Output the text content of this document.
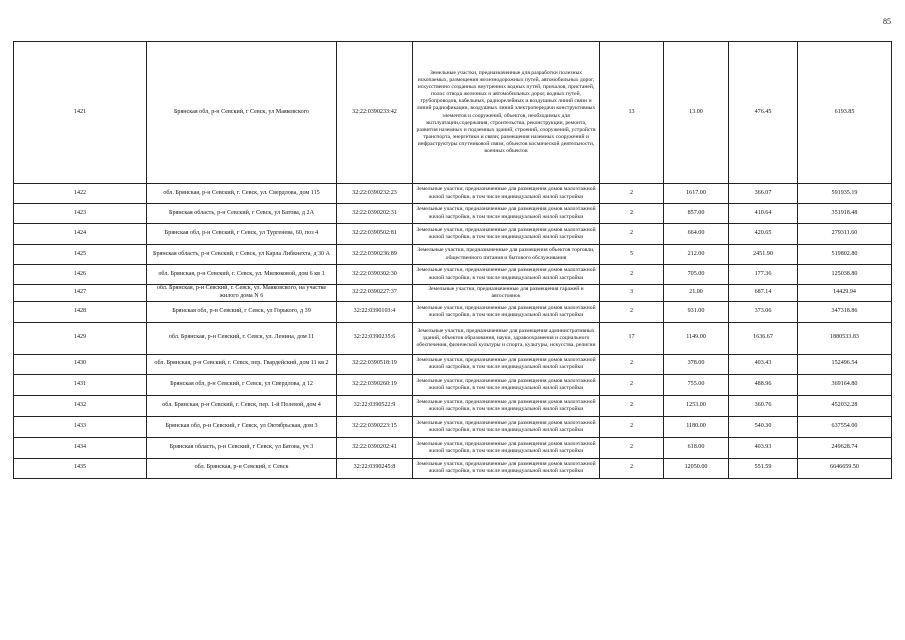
85
1421	Брянская обл, р-н Севский, г Севск, ул Маяковского	32:22:0390233:42	Земельные участки, предназначенные для разработки полезных ископаемых, размещения железнодорожных путей, автомобильных дорог, искусственно созданных внутренних водных путей, причалов, пристаней, полос отвода железных и автомобильных дорог, водных путей, трубопроводов, кабельных, радиорелейных и воздушных линий связи и линий радиофикации, воздушных линий электропередачи конструктивных элементов и сооружений, объектов, необходимых для эксплуатации,содержания, строительства, реконструкции, ремонта, развития наземных и подземных зданий, строений, сооружений, устройств транспорта, энергетики и связи; размещения наземных сооружений и инфраструктуры спутниковой связи, объектов космической деятельности, военных объектов	13	13.00	476.45	6193.85
1422	обл. Брянская, р-н Севский, г. Севск, ул. Свердлова, дом 115	32:22:0390232:23	Земельные участки, предназначенные для размещения домов малоэтажной жилой застройки, в том числе индивидуальной жилой застройки	2	1617.00	366.07	591935.19
1423	Брянская область, р-н Севский, г Севск, ул Батова, д 2А	32:22:0390202:31	Земельные участки, предназначенные для размещения домов малоэтажной жилой застройки, в том числе индивидуальной жилой застройки	2	857.00	410.64	351918.48
1424	Брянская обл, р-н Севский, г Севск, ул Тургенева, 60, поз 4	32:22:0390502:81	Земельные участки, предназначенные для размещения домов малоэтажной жилой застройки, в том числе индивидуальной жилой застройки	2	664.00	420.65	279311.60
1425	Брянская область, р-н Севский, г Севск, ул Карла Либкнехта, д 30 А	32:22:0390236:89	Земельные участки, предназначенные для размещения объектов торговли, общественного питания и бытового обслуживания	5	212.00	2451.90	519802.80
1426	обл. Брянская, р-н Севский, г. Севск, ул. Милюковой, дом 6 кв 1	32:22:0390302:30	Земельные участки, предназначенные для размещения домов малоэтажной жилой застройки, в том числе индивидуальной жилой застройки	2	705.00	177.36	125038.80
1427	обл. Брянская, р-н Севский, г. Севск, ул. Маяковского, на участке жилого дома N 6	32:22:0390227:37	Земельные участки, предназначенные для размещения гаражей и автостоянок	3	21.00	687.14	14429.94
1428	Брянская обл, р-н Севский, г Севск, ул Горького, д 39	32:22:0390103:4	Земельные участки, предназначенные для размещения домов малоэтажной жилой застройки, в том числе индивидуальной жилой застройки	2	931.00	373.06	347318.86
1429	обл. Брянская, р-н Севский, г. Севск, ул. Ленина, дом 11	32:22:0390235:6	Земельные участки, предназначенные для размещения административных зданий, объектов образования, науки, здравоохранения и социального обеспечения, физической культуры и спорта, культуры, искусства, религии	17	1149.00	1636.67	1880533.83
1430	обл. Брянская, р-н Севский, г. Севск, пер. Гвардейский, дом 11 кв 2	32:22:0390518:19	Земельные участки, предназначенные для размещения домов малоэтажной жилой застройки, в том числе индивидуальной жилой застройки	2	378.00	403.43	152496.54
1431	Брянская обл, р-н Севский, г Севск, ул Свердлова, д 12	32:22:0390260:19	Земельные участки, предназначенные для размещения домов малоэтажной жилой застройки, в том числе индивидуальной жилой застройки	2	755.00	488.96	369164.80
1432	обл. Брянская, р-н Севский, г. Севск, пер. 1-й Полевой, дом 4	32:22:0390522:9	Земельные участки, предназначенные для размещения домов малоэтажной жилой застройки, в том числе индивидуальной жилой застройки	2	1253.00	360.76	452032.28
1433	Брянская обл, р-н Севский, г Севск, ул Октябрьская, дом 3	32:22:0390223:15	Земельные участки, предназначенные для размещения домов малоэтажной жилой застройки, в том числе индивидуальной жилой застройки	2	1180.00	540.30	637554.00
1434	Брянская область, р-н Севский, г Севск, ул Батова, уч 3	32:22:0390202:41	Земельные участки, предназначенные для размещения домов малоэтажной жилой застройки, в том числе индивидуальной жилой застройки	2	618.00	403.93	249628.74
1435	обл. Брянская, р-н Севский, г. Севск	32:22:0390245:8	Земельные участки, предназначенные для размещения домов малоэтажной жилой застройки, в том числе индивидуальной жилой застройки	2	12050.00	551.59	6646659.50
